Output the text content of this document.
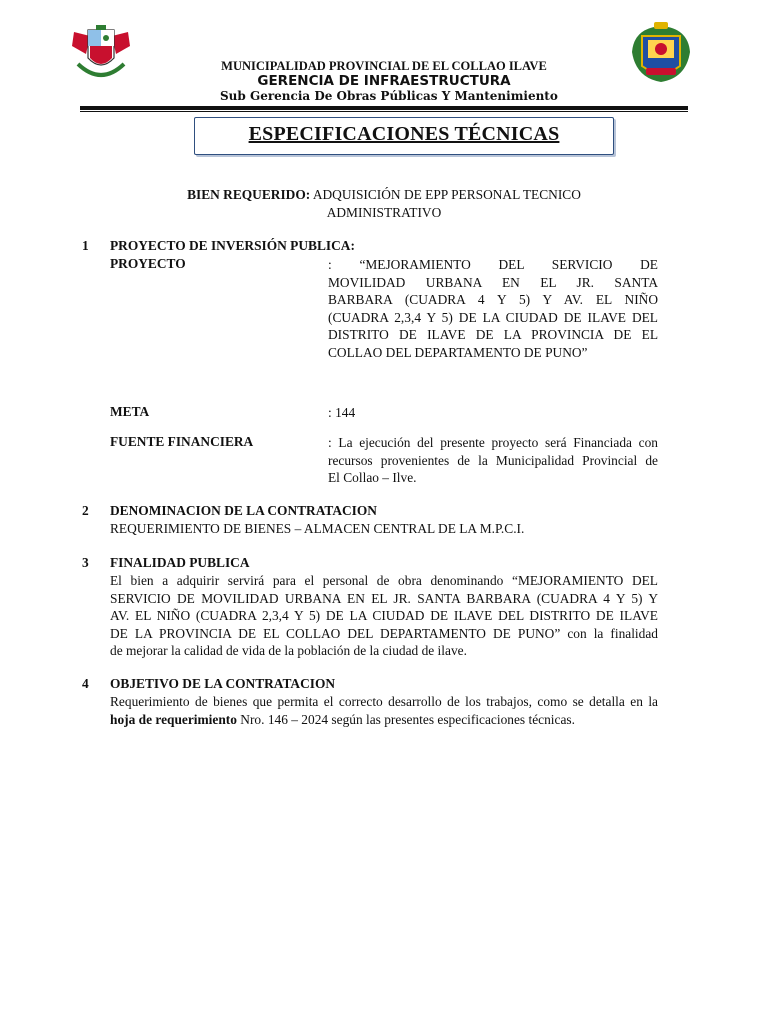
MUNICIPALIDAD PROVINCIAL DE EL COLLAO ILAVE
GERENCIA DE INFRAESTRUCTURA
Sub Gerencia De Obras Públicas Y Mantenimiento
ESPECIFICACIONES TÉCNICAS
BIEN REQUERIDO: ADQUISICIÓN DE EPP PERSONAL TECNICO
ADMINISTRATIVO
1 PROYECTO DE INVERSIÓN PUBLICA:
PROYECTO	: “MEJORAMIENTO DEL SERVICIO DE
MOVILIDAD URBANA EN EL JR. SANTA
BARBARA (CUADRA 4 Y 5) Y AV. EL NIÑO
(CUADRA 2,3,4 Y 5) DE LA CIUDAD DE ILAVE DEL
DISTRITO DE ILAVE DE LA PROVINCIA DE EL
COLLAO DEL DEPARTAMENTO DE PUNO”
META	: 144
FUENTE FINANCIERA	: La ejecución del presente proyecto será Financiada con
recursos provenientes de la Municipalidad Provincial de
El Collao – Ilve.
2 DENOMINACION DE LA CONTRATACION
REQUERIMIENTO DE BIENES – ALMACEN CENTRAL DE LA M.P.C.I.
3 FINALIDAD PUBLICA
El bien a adquirir servirá para el personal de obra denominando “MEJORAMIENTO DEL
SERVICIO DE MOVILIDAD URBANA EN EL JR. SANTA BARBARA (CUADRA 4 Y 5) Y
AV. EL NIÑO (CUADRA 2,3,4 Y 5) DE LA CIUDAD DE ILAVE DEL DISTRITO DE ILAVE
DE LA PROVINCIA DE EL COLLAO DEL DEPARTAMENTO DE PUNO” con la finalidad
de mejorar la calidad de vida de la población de la ciudad de ilave.
4 OBJETIVO DE LA CONTRATACION
Requerimiento de bienes que permita el correcto desarrollo de los trabajos, como se detalla en la
hoja de requerimiento Nro. 146 – 2024 según las presentes especificaciones técnicas.
